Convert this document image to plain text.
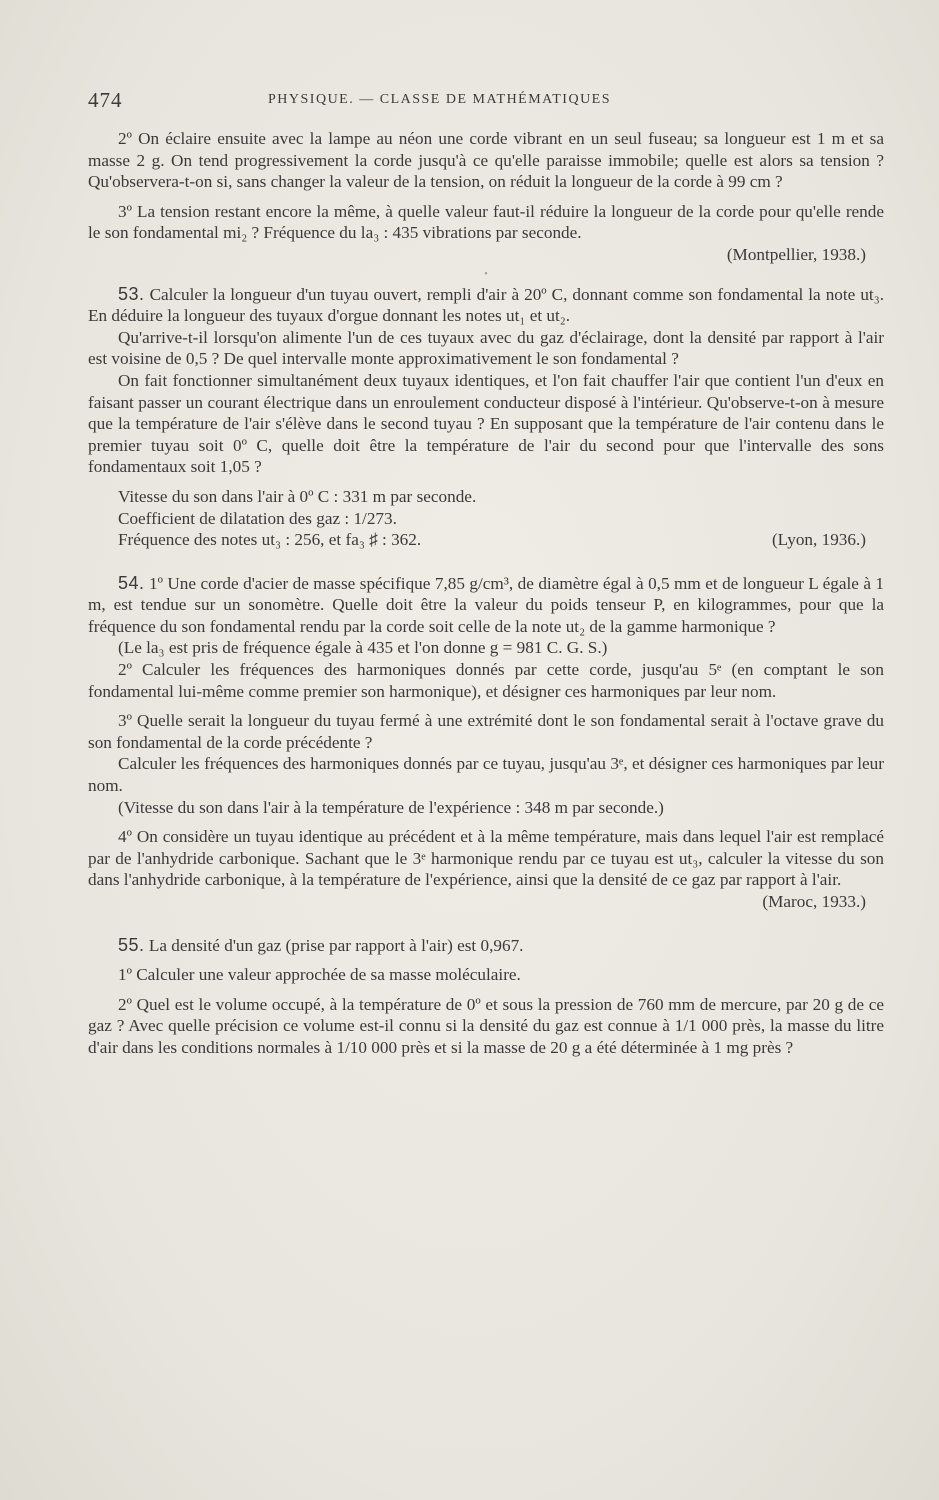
474	PHYSIQUE. — CLASSE DE MATHÉMATIQUES

2º On éclaire ensuite avec la lampe au néon une corde vibrant en un seul fuseau; sa longueur est 1 m et sa masse 2 g. On tend progressivement la corde jusqu'à ce qu'elle paraisse immobile; quelle est alors sa tension ? Qu'observera-t-on si, sans changer la valeur de la tension, on réduit la longueur de la corde à 99 cm ?

3º La tension restant encore la même, à quelle valeur faut-il réduire la longueur de la corde pour qu'elle rende le son fondamental mi₂ ? Fréquence du la₃ : 435 vibrations par seconde.

(Montpellier, 1938.)

•

53. Calculer la longueur d'un tuyau ouvert, rempli d'air à 20º C, donnant comme son fondamental la note ut₃. En déduire la longueur des tuyaux d'orgue donnant les notes ut₁ et ut₂.

Qu'arrive-t-il lorsqu'on alimente l'un de ces tuyaux avec du gaz d'éclairage, dont la densité par rapport à l'air est voisine de 0,5 ? De quel intervalle monte approximativement le son fondamental ?

On fait fonctionner simultanément deux tuyaux identiques, et l'on fait chauffer l'air que contient l'un d'eux en faisant passer un courant électrique dans un enroulement conducteur disposé à l'intérieur. Qu'observe-t-on à mesure que la température de l'air s'élève dans le second tuyau ? En supposant que la température de l'air contenu dans le premier tuyau soit 0º C, quelle doit être la température de l'air du second pour que l'intervalle des sons fondamentaux soit 1,05 ?

Vitesse du son dans l'air à 0º C : 331 m par seconde.

Coefficient de dilatation des gaz : 1/273.

Fréquence des notes ut₃ : 256, et fa₃ ♯ : 362.	(Lyon, 1936.)

54. 1º Une corde d'acier de masse spécifique 7,85 g/cm³, de diamètre égal à 0,5 mm et de longueur L égale à 1 m, est tendue sur un sonomètre. Quelle doit être la valeur du poids tenseur P, en kilogrammes, pour que la fréquence du son fondamental rendu par la corde soit celle de la note ut₂ de la gamme harmonique ?

(Le la₃ est pris de fréquence égale à 435 et l'on donne g = 981 C. G. S.)

2º Calculer les fréquences des harmoniques donnés par cette corde, jusqu'au 5ᵉ (en comptant le son fondamental lui-même comme premier son harmonique), et désigner ces harmoniques par leur nom.

3º Quelle serait la longueur du tuyau fermé à une extrémité dont le son fondamental serait à l'octave grave du son fondamental de la corde précédente ?

Calculer les fréquences des harmoniques donnés par ce tuyau, jusqu'au 3ᵉ, et désigner ces harmoniques par leur nom.

(Vitesse du son dans l'air à la température de l'expérience : 348 m par seconde.)

4º On considère un tuyau identique au précédent et à la même température, mais dans lequel l'air est remplacé par de l'anhydride carbonique. Sachant que le 3ᵉ harmonique rendu par ce tuyau est ut₃, calculer la vitesse du son dans l'anhydride carbonique, à la température de l'expérience, ainsi que la densité de ce gaz par rapport à l'air.

(Maroc, 1933.)

55. La densité d'un gaz (prise par rapport à l'air) est 0,967.

1º Calculer une valeur approchée de sa masse moléculaire.

2º Quel est le volume occupé, à la température de 0º et sous la pression de 760 mm de mercure, par 20 g de ce gaz ? Avec quelle précision ce volume est-il connu si la densité du gaz est connue à 1/1 000 près, la masse du litre d'air dans les conditions normales à 1/10 000 près et si la masse de 20 g a été déterminée à 1 mg près ?
